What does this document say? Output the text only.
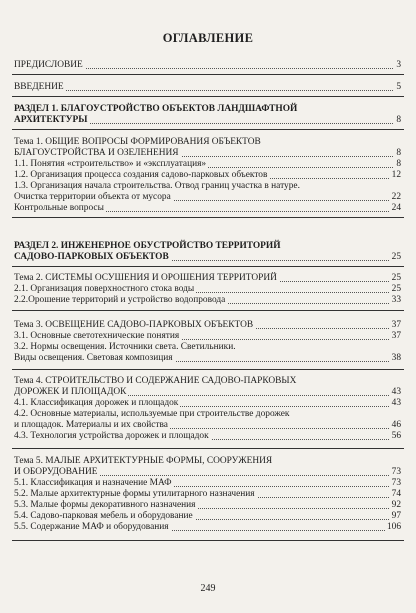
ОГЛАВЛЕНИЕ
ПРЕДИСЛОВИЕ	3
ВВЕДЕНИЕ	5
РАЗДЕЛ 1. БЛАГОУСТРОЙСТВО ОБЪЕКТОВ ЛАНДШАФТНОЙ
АРХИТЕКТУРЫ	8
Тема 1. ОБЩИЕ ВОПРОСЫ ФОРМИРОВАНИЯ ОБЪЕКТОВ
БЛАГОУСТРОЙСТВА И ОЗЕЛЕНЕНИЯ	8
1.1. Понятия «строительство» и «эксплуатация»	8
1.2. Организация процесса создания садово-парковых объектов	12
1.3. Организация начала строительства. Отвод границ участка в натуре.
Очистка территории объекта от мусора	22
Контрольные вопросы	24
РАЗДЕЛ 2. ИНЖЕНЕРНОЕ ОБУСТРОЙСТВО ТЕРРИТОРИЙ
САДОВО-ПАРКОВЫХ ОБЪЕКТОВ	25
Тема 2. СИСТЕМЫ ОСУШЕНИЯ И ОРОШЕНИЯ ТЕРРИТОРИЙ	25
2.1. Организация поверхностного стока воды	25
2.2.Орошение территорий и устройство водопровода	33
Тема 3. ОСВЕЩЕНИЕ САДОВО-ПАРКОВЫХ ОБЪЕКТОВ	37
3.1. Основные светотехнические понятия	37
3.2. Нормы освещения. Источники света. Светильники.
Виды освещения. Световая композиция	38
Тема 4. СТРОИТЕЛЬСТВО И СОДЕРЖАНИЕ САДОВО-ПАРКОВЫХ
ДОРОЖЕК И ПЛОЩАДОК	43
4.1. Классификация дорожек и площадок	43
4.2. Основные материалы, используемые при строительстве дорожек
и площадок. Материалы и их свойства	46
4.3. Технология устройства дорожек и площадок	56
Тема 5. МАЛЫЕ АРХИТЕКТУРНЫЕ ФОРМЫ, СООРУЖЕНИЯ
И ОБОРУДОВАНИЕ	73
5.1. Классификация и назначение МАФ	73
5.2. Малые архитектурные формы утилитарного назначения	74
5.3. Малые формы декоративного назначения	92
5.4. Садово-парковая мебель и оборудование	97
5.5. Содержание МАФ и оборудования	106
249
